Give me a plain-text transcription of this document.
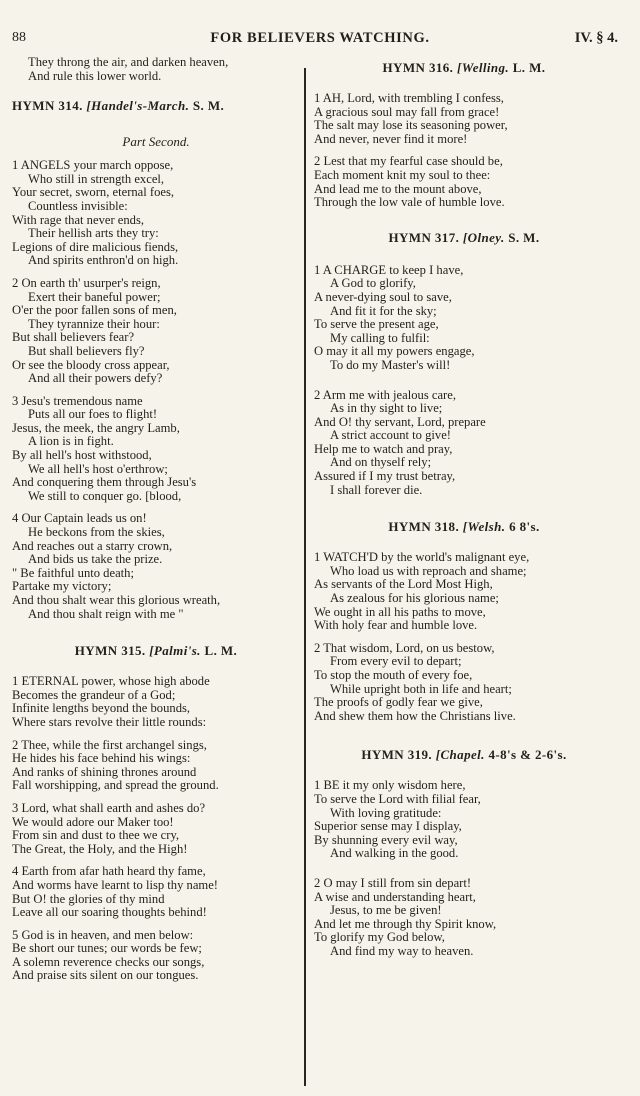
88	FOR BELIEVERS WATCHING.	IV. § 4.
They throng the air, and darken heaven,
And rule this lower world.
HYMN 314. [Handel's-March. S. M.
Part Second.
1 ANGELS your march oppose,
Who still in strength excel,
Your secret, sworn, eternal foes,
Countless invisible:
With rage that never ends,
Their hellish arts they try:
Legions of dire malicious fiends,
And spirits enthron'd on high.
2 On earth th' usurper's reign,
Exert their baneful power;
O'er the poor fallen sons of men,
They tyrannize their hour:
But shall believers fear?
But shall believers fly?
Or see the bloody cross appear,
And all their powers defy?
3 Jesu's tremendous name
Puts all our foes to flight!
Jesus, the meek, the angry Lamb,
A lion is in fight.
By all hell's host withstood,
We all hell's host o'erthrow;
And conquering them through Jesu's
We still to conquer go. [blood,
4 Our Captain leads us on!
He beckons from the skies,
And reaches out a starry crown,
And bids us take the prize.
" Be faithful unto death;
Partake my victory;
And thou shalt wear this glorious wreath,
And thou shalt reign with me "
HYMN 315. [Palmi's. L. M.
1 ETERNAL power, whose high abode
Becomes the grandeur of a God;
Infinite lengths beyond the bounds,
Where stars revolve their little rounds:
2 Thee, while the first archangel sings,
He hides his face behind his wings:
And ranks of shining thrones around
Fall worshipping, and spread the ground.
3 Lord, what shall earth and ashes do?
We would adore our Maker too!
From sin and dust to thee we cry,
The Great, the Holy, and the High!
4 Earth from afar hath heard thy fame,
And worms have learnt to lisp thy name!
But O! the glories of thy mind
Leave all our soaring thoughts behind!
5 God is in heaven, and men below:
Be short our tunes; our words be few;
A solemn reverence checks our songs,
And praise sits silent on our tongues.
HYMN 316. [Welling. L. M.
1 AH, Lord, with trembling I confess,
A gracious soul may fall from grace!
The salt may lose its seasoning power,
And never, never find it more!
2 Lest that my fearful case should be,
Each moment knit my soul to thee:
And lead me to the mount above,
Through the low vale of humble love.
HYMN 317. [Olney. S. M.
1 A CHARGE to keep I have,
A God to glorify,
A never-dying soul to save,
And fit it for the sky;
To serve the present age,
My calling to fulfil:
O may it all my powers engage,
To do my Master's will!
2 Arm me with jealous care,
As in thy sight to live;
And O! thy servant, Lord, prepare
A strict account to give!
Help me to watch and pray,
And on thyself rely;
Assured if I my trust betray,
I shall forever die.
HYMN 318. [Welsh. 6 8's.
1 WATCH'D by the world's malignant eye,
Who load us with reproach and shame;
As servants of the Lord Most High,
As zealous for his glorious name;
We ought in all his paths to move,
With holy fear and humble love.
2 That wisdom, Lord, on us bestow,
From every evil to depart;
To stop the mouth of every foe,
While upright both in life and heart;
The proofs of godly fear we give,
And shew them how the Christians live.
HYMN 319. [Chapel. 4-8's & 2-6's.
1 BE it my only wisdom here,
To serve the Lord with filial fear,
With loving gratitude:
Superior sense may I display,
By shunning every evil way,
And walking in the good.
2 O may I still from sin depart!
A wise and understanding heart,
Jesus, to me be given!
And let me through thy Spirit know,
To glorify my God below,
And find my way to heaven.
